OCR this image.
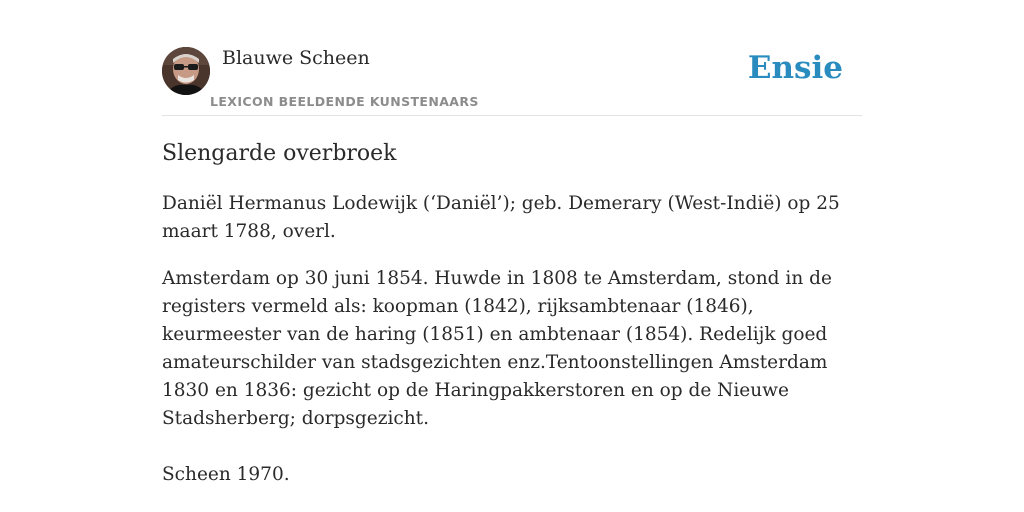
Blauwe Scheen
LEXICON BEELDENDE KUNSTENAARS
Ensie
Slengarde overbroek

Daniël Hermanus Lodewijk (‘Daniël’); geb. Demerary (West-Indië) op 25 maart 1788, overl.

Amsterdam op 30 juni 1854. Huwde in 1808 te Amsterdam, stond in de registers vermeld als: koopman (1842), rijksambtenaar (1846), keurmeester van de haring (1851) en ambtenaar (1854). Redelijk goed amateurschilder van stadsgezichten enz.Tentoonstellingen Amsterdam 1830 en 1836: gezicht op de Haringpakkerstoren en op de Nieuwe Stadsherberg; dorpsgezicht.

Scheen 1970.
